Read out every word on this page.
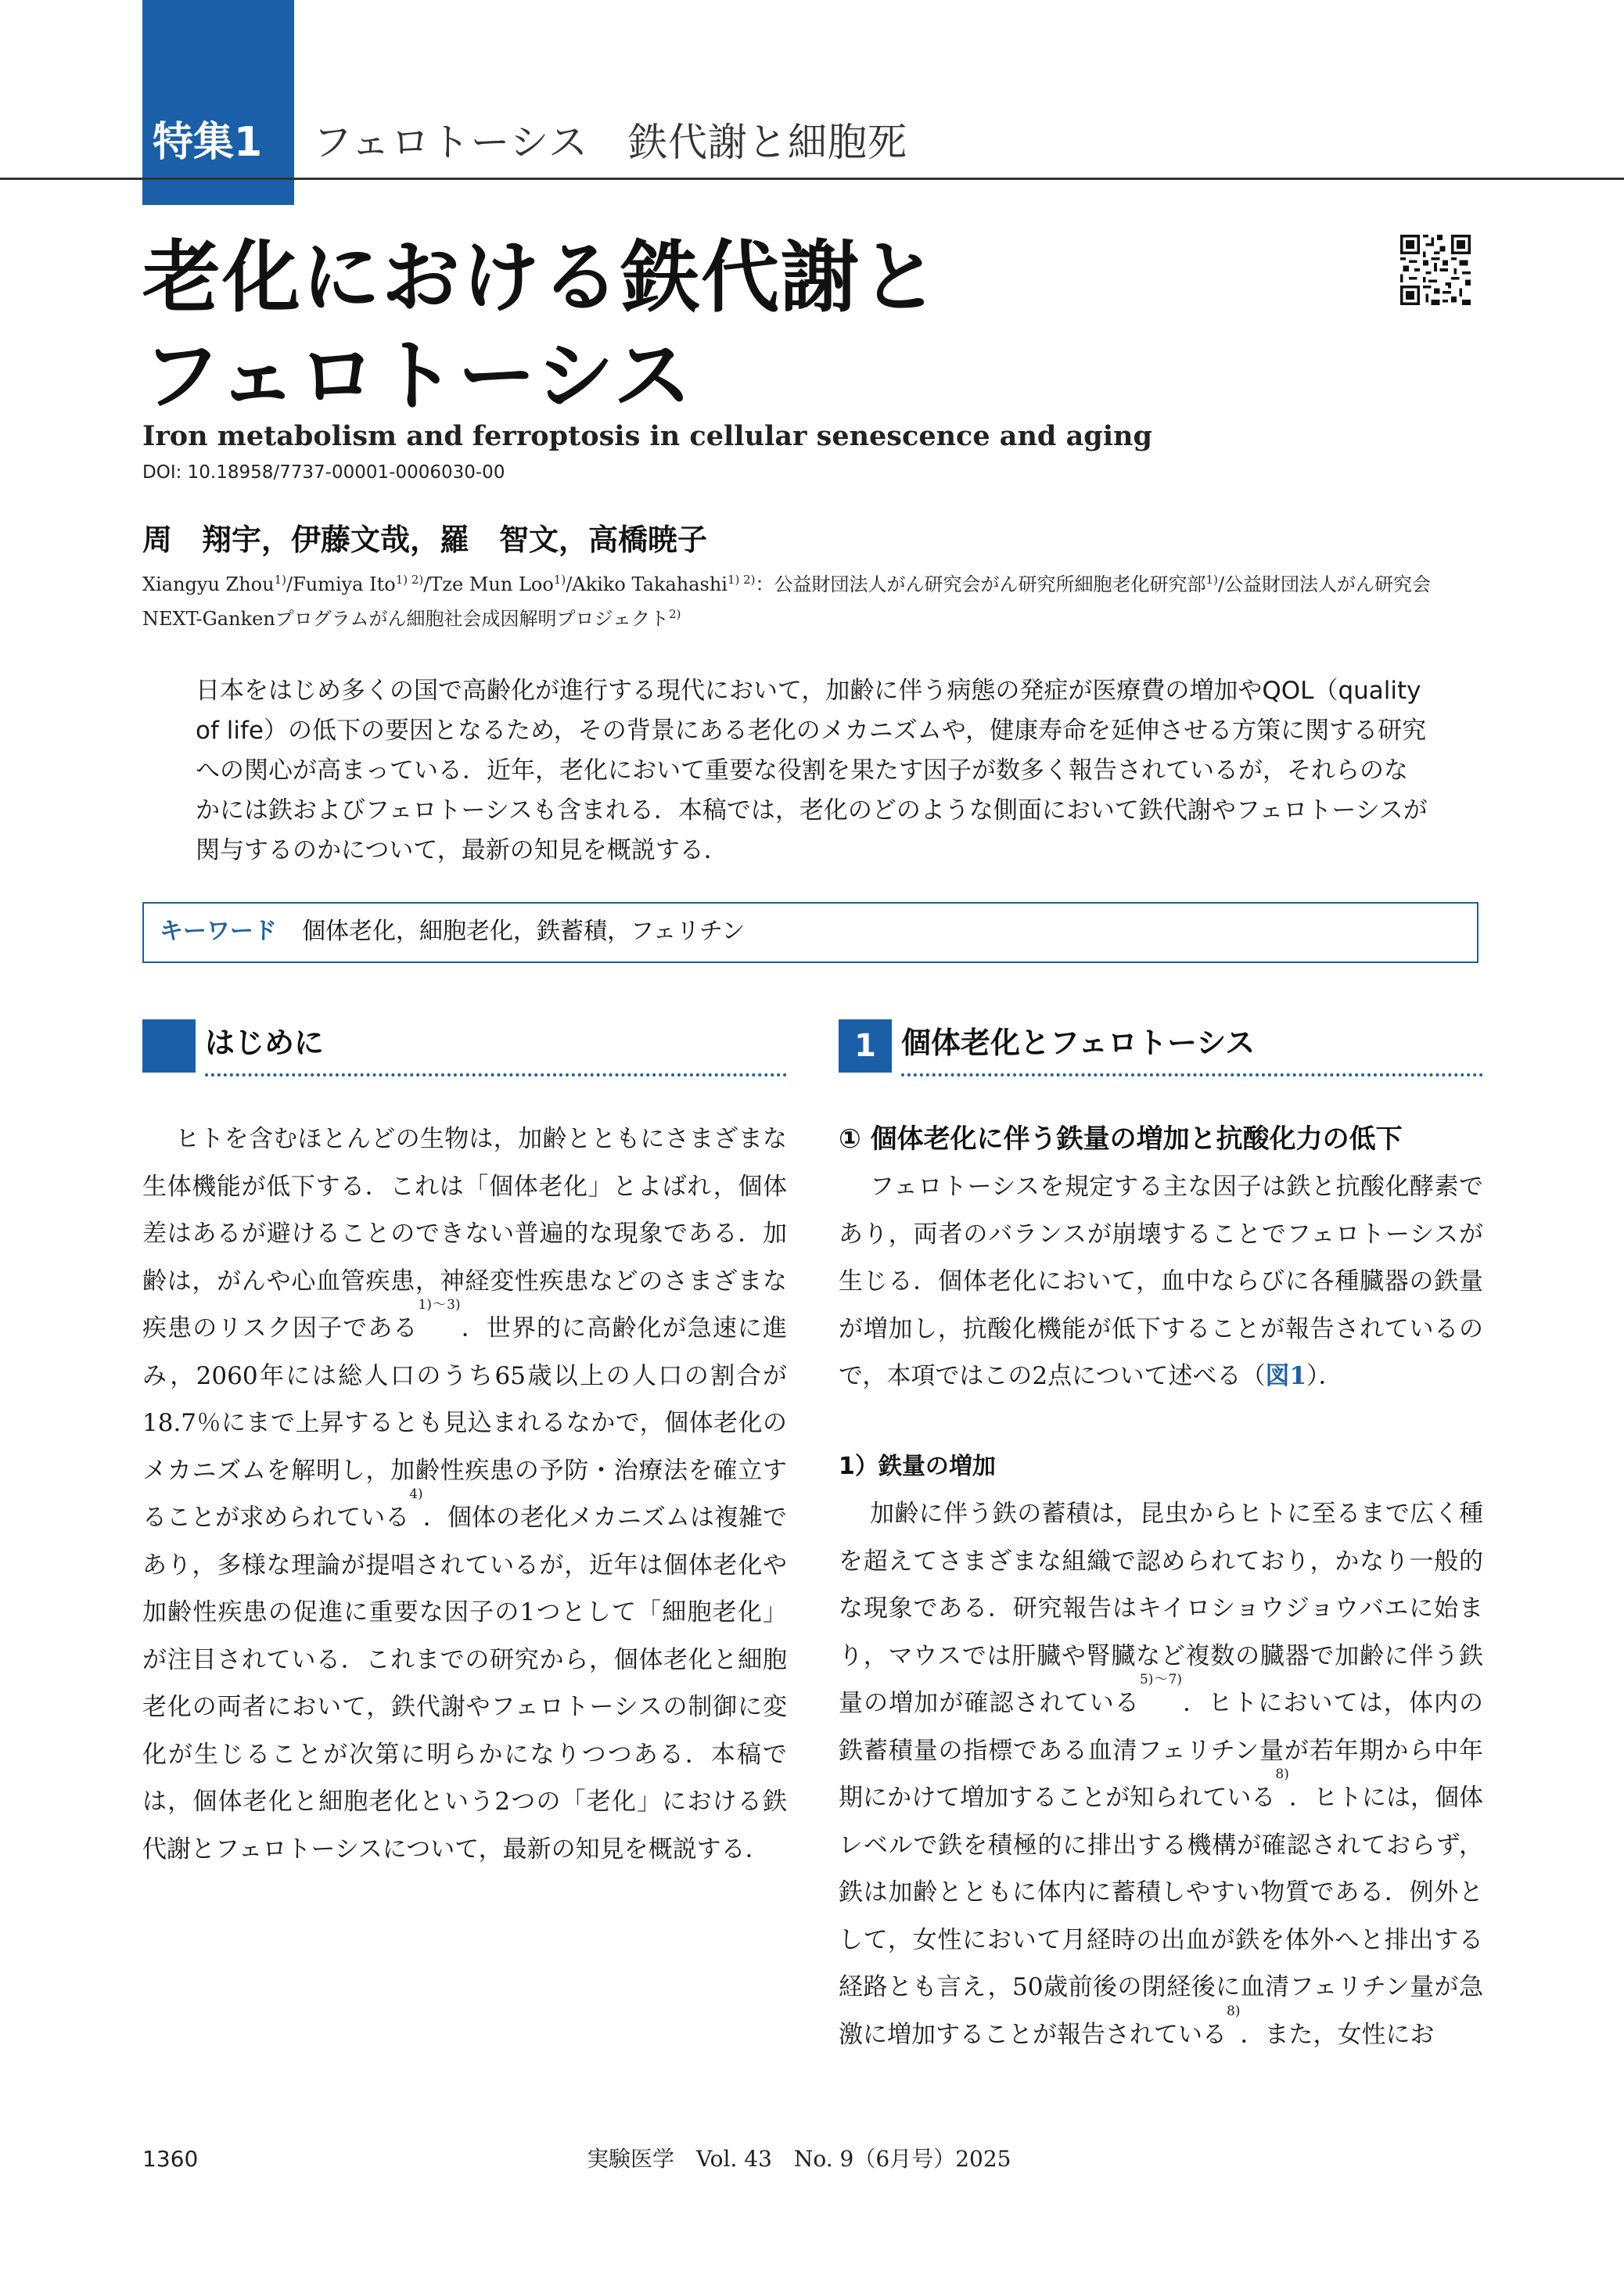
特集1 フェロトーシス　鉄代謝と細胞死
老化における鉄代謝と
フェロトーシス
Iron metabolism and ferroptosis in cellular senescence and aging
DOI: 10.18958/7737-00001-0006030-00
周　翔宇，伊藤文哉，羅　智文，高橋暁子
Xiangyu Zhou$^{1)}$/Fumiya Ito$^{1) 2)}$/Tze Mun Loo$^{1)}$/Akiko Takahashi$^{1) 2)}$：公益財団法人がん研究会がん研究所細胞老化研究部$^{1)}$/公益財団法人がん研究会NEXT-Gankenプログラムがん細胞社会成因解明プロジェクト$^{2)}$
日本をはじめ多くの国で高齢化が進行する現代において，加齢に伴う病態の発症が医療費の増加やQOL（quality of life）の低下の要因となるため，その背景にある老化のメカニズムや，健康寿命を延伸させる方策に関する研究への関心が高まっている．近年，老化において重要な役割を果たす因子が数多く報告されているが，それらのなかには鉄およびフェロトーシスも含まれる．本稿では，老化のどのような側面において鉄代謝やフェロトーシスが関与するのかについて，最新の知見を概説する．
キーワード 個体老化，細胞老化，鉄蓄積，フェリチン
はじめに
ヒトを含むほとんどの生物は，加齢とともにさまざまな生体機能が低下する．これは「個体老化」とよばれ，個体差はあるが避けることのできない普遍的な現象である．加齢は，がんや心血管疾患，神経変性疾患などのさまざまな疾患のリスク因子である$^{1)\sim 3)}$．世界的に高齢化が急速に進み，2060年には総人口のうち65歳以上の人口の割合が18.7％にまで上昇するとも見込まれるなかで，個体老化のメカニズムを解明し，加齢性疾患の予防・治療法を確立することが求められている$^{4)}$．個体の老化メカニズムは複雑であり，多様な理論が提唱されているが，近年は個体老化や加齢性疾患の促進に重要な因子の1つとして「細胞老化」が注目されている．これまでの研究から，個体老化と細胞老化の両者において，鉄代謝やフェロトーシスの制御に変化が生じることが次第に明らかになりつつある．本稿では，個体老化と細胞老化という2つの「老化」における鉄代謝とフェロトーシスについて，最新の知見を概説する．
1 個体老化とフェロトーシス
① 個体老化に伴う鉄量の増加と抗酸化力の低下
フェロトーシスを規定する主な因子は鉄と抗酸化酵素であり，両者のバランスが崩壊することでフェロトーシスが生じる．個体老化において，血中ならびに各種臓器の鉄量が増加し，抗酸化機能が低下することが報告されているので，本項ではこの2点について述べる（図1）．
1）鉄量の増加
加齢に伴う鉄の蓄積は，昆虫からヒトに至るまで広く種を超えてさまざまな組織で認められており，かなり一般的な現象である．研究報告はキイロショウジョウバエに始まり，マウスでは肝臓や腎臓など複数の臓器で加齢に伴う鉄量の増加が確認されている$^{5)\sim 7)}$．ヒトにおいては，体内の鉄蓄積量の指標である血清フェリチン量が若年期から中年期にかけて増加することが知られている$^{8)}$．ヒトには，個体レベルで鉄を積極的に排出する機構が確認されておらず，鉄は加齢とともに体内に蓄積しやすい物質である．例外として，女性において月経時の出血が鉄を体外へと排出する経路とも言え，50歳前後の閉経後に血清フェリチン量が急激に増加することが報告されている$^{8)}$．また，女性にお
1360	実験医学　Vol. 43　No. 9（6月号）2025
